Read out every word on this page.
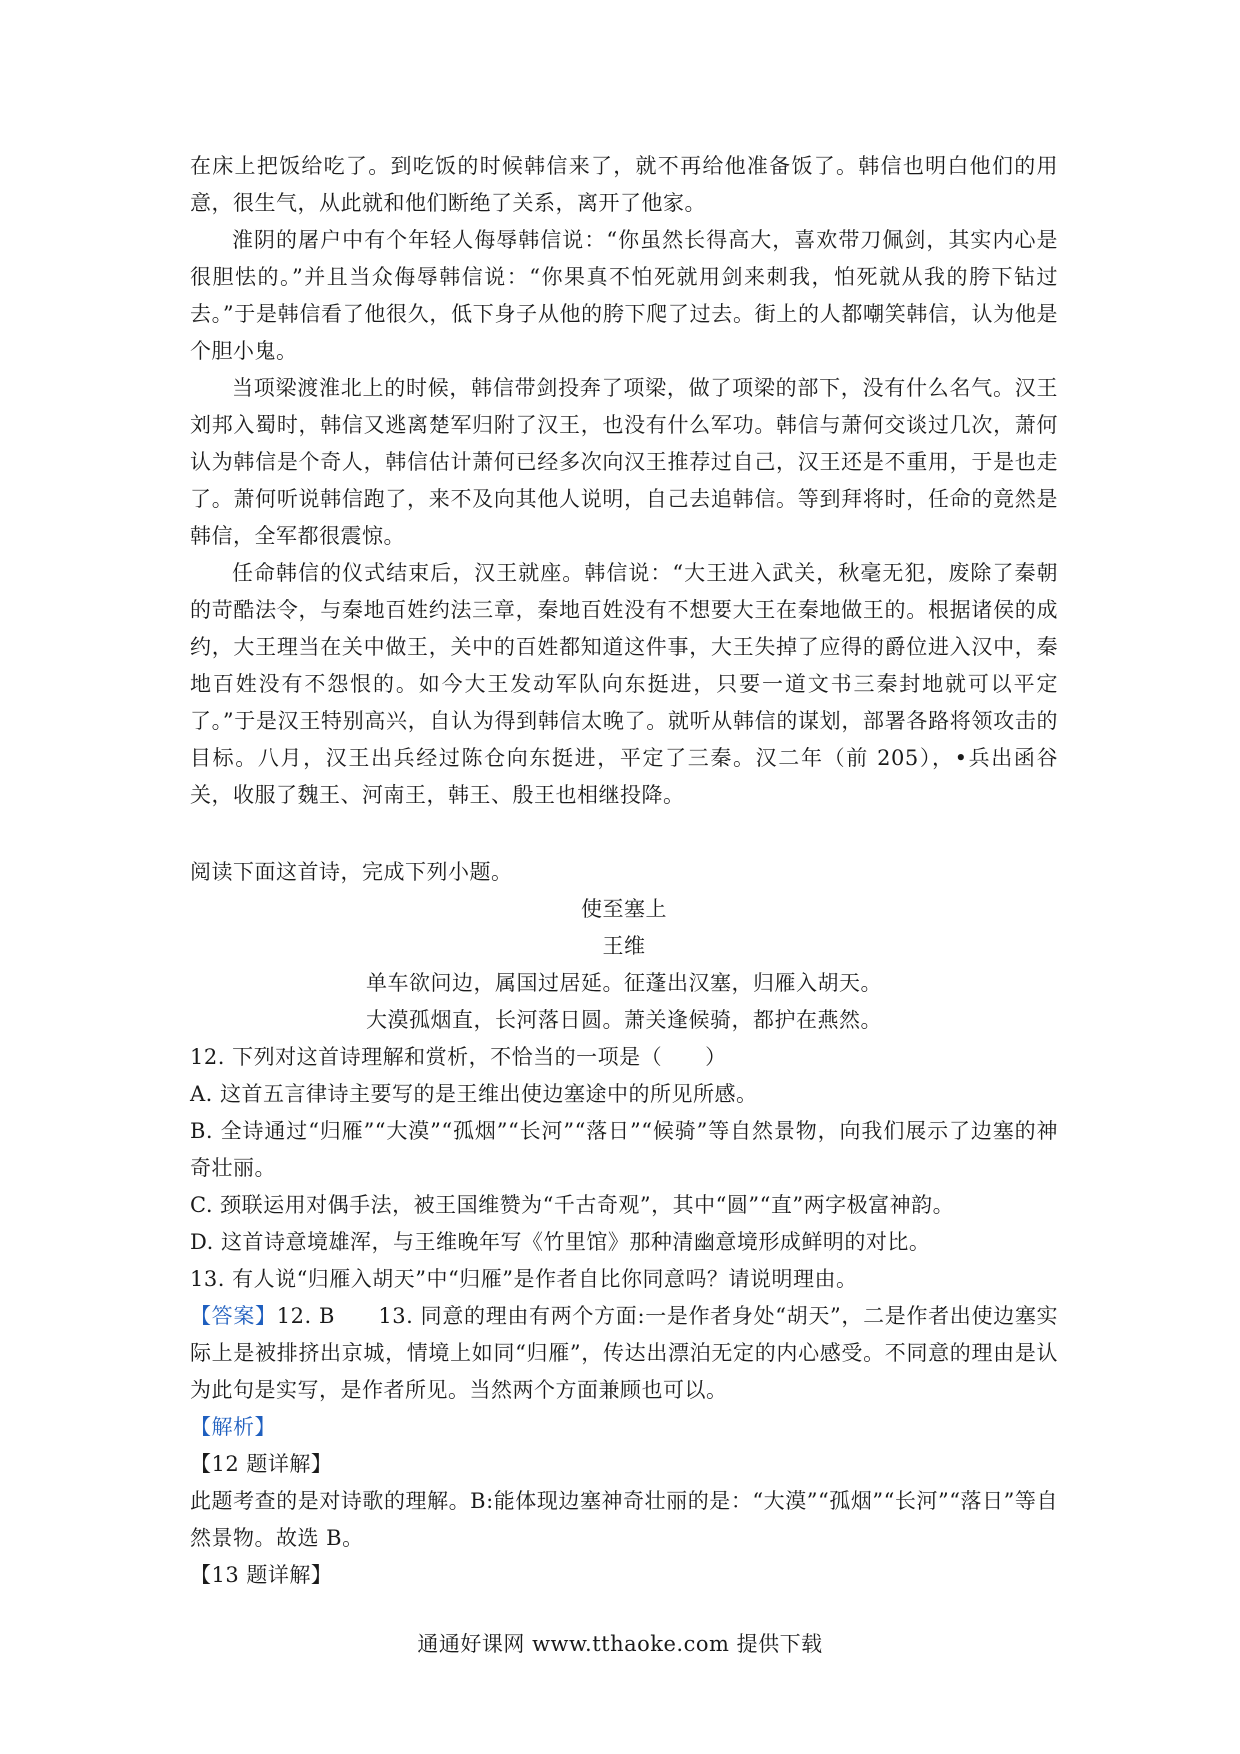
在床上把饭给吃了。到吃饭的时候韩信来了，就不再给他准备饭了。韩信也明白他们的用意，很生气，从此就和他们断绝了关系，离开了他家。

淮阴的屠户中有个年轻人侮辱韩信说：“你虽然长得高大，喜欢带刀佩剑，其实内心是很胆怯的。”并且当众侮辱韩信说：“你果真不怕死就用剑来刺我，怕死就从我的胯下钻过去。”于是韩信看了他很久，低下身子从他的胯下爬了过去。街上的人都嘲笑韩信，认为他是个胆小鬼。

当项梁渡淮北上的时候，韩信带剑投奔了项梁，做了项梁的部下，没有什么名气。汉王刘邦入蜀时，韩信又逃离楚军归附了汉王，也没有什么军功。韩信与萧何交谈过几次，萧何认为韩信是个奇人，韩信估计萧何已经多次向汉王推荐过自己，汉王还是不重用，于是也走了。萧何听说韩信跑了，来不及向其他人说明，自己去追韩信。等到拜将时，任命的竟然是韩信，全军都很震惊。

任命韩信的仪式结束后，汉王就座。韩信说：“大王进入武关，秋毫无犯，废除了秦朝的苛酷法令，与秦地百姓约法三章，秦地百姓没有不想要大王在秦地做王的。根据诸侯的成约，大王理当在关中做王，关中的百姓都知道这件事，大王失掉了应得的爵位进入汉中，秦地百姓没有不怨恨的。如今大王发动军队向东挺进，只要一道文书三秦封地就可以平定了。”于是汉王特别高兴，自认为得到韩信太晚了。就听从韩信的谋划，部署各路将领攻击的目标。八月，汉王出兵经过陈仓向东挺进，平定了三秦。汉二年（前 205），•兵出函谷关，收服了魏王、河南王，韩王、殷王也相继投降。

阅读下面这首诗，完成下列小题。

使至塞上

王维

单车欲问边，属国过居延。征蓬出汉塞，归雁入胡天。

大漠孤烟直，长河落日圆。萧关逢候骑，都护在燕然。

12. 下列对这首诗理解和赏析，不恰当的一项是（　　）

A. 这首五言律诗主要写的是王维出使边塞途中的所见所感。

B. 全诗通过“归雁”“大漠”“孤烟”“长河”“落日”“候骑”等自然景物，向我们展示了边塞的神奇壮丽。

C. 颈联运用对偶手法，被王国维赞为“千古奇观”，其中“圆”“直”两字极富神韵。

D. 这首诗意境雄浑，与王维晚年写《竹里馆》那种清幽意境形成鲜明的对比。

13. 有人说“归雁入胡天”中“归雁”是作者自比你同意吗？请说明理由。

【答案】12. B　　13. 同意的理由有两个方面:一是作者身处“胡天”，二是作者出使边塞实际上是被排挤出京城，情境上如同“归雁”，传达出漂泊无定的内心感受。不同意的理由是认为此句是实写，是作者所见。当然两个方面兼顾也可以。

【解析】

【12 题详解】

此题考查的是对诗歌的理解。B:能体现边塞神奇壮丽的是：“大漠”“孤烟”“长河”“落日”等自然景物。故选 B。

【13 题详解】

通通好课网 www.tthaoke.com 提供下载
